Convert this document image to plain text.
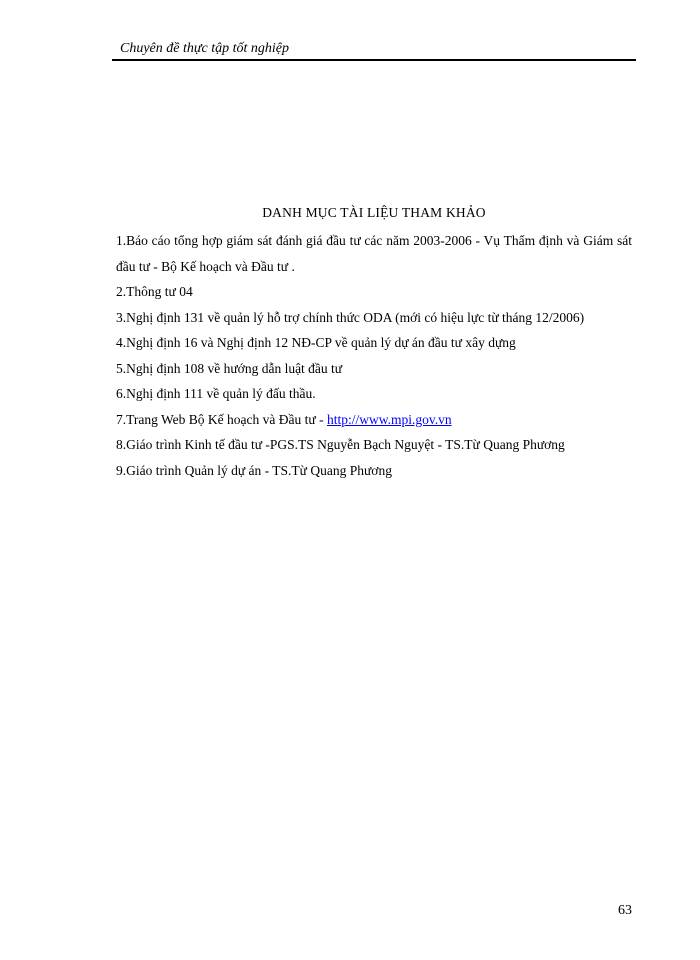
Chuyên đề thực tập tốt nghiệp
DANH MỤC TÀI LIỆU THAM KHẢO
1.Báo cáo tổng hợp giám sát đánh giá đầu tư các năm 2003-2006 - Vụ Thẩm định và Giám sát đầu tư - Bộ Kế hoạch và Đầu tư .
2.Thông tư 04
3.Nghị định 131 về quản lý hỗ trợ chính thức ODA (mới có hiệu lực từ tháng 12/2006)
4.Nghị định 16 và Nghị định 12 NĐ-CP về quản lý dự án đầu tư xây dựng
5.Nghị định 108 về hướng dẫn luật đầu tư
6.Nghị định 111 về quản lý đấu thầu.
7.Trang Web Bộ Kế hoạch và Đầu tư - http://www.mpi.gov.vn
8.Giáo trình Kinh tế đầu tư -PGS.TS Nguyễn Bạch Nguyệt - TS.Từ Quang Phương
9.Giáo trình Quản lý dự án - TS.Từ Quang Phương
63
